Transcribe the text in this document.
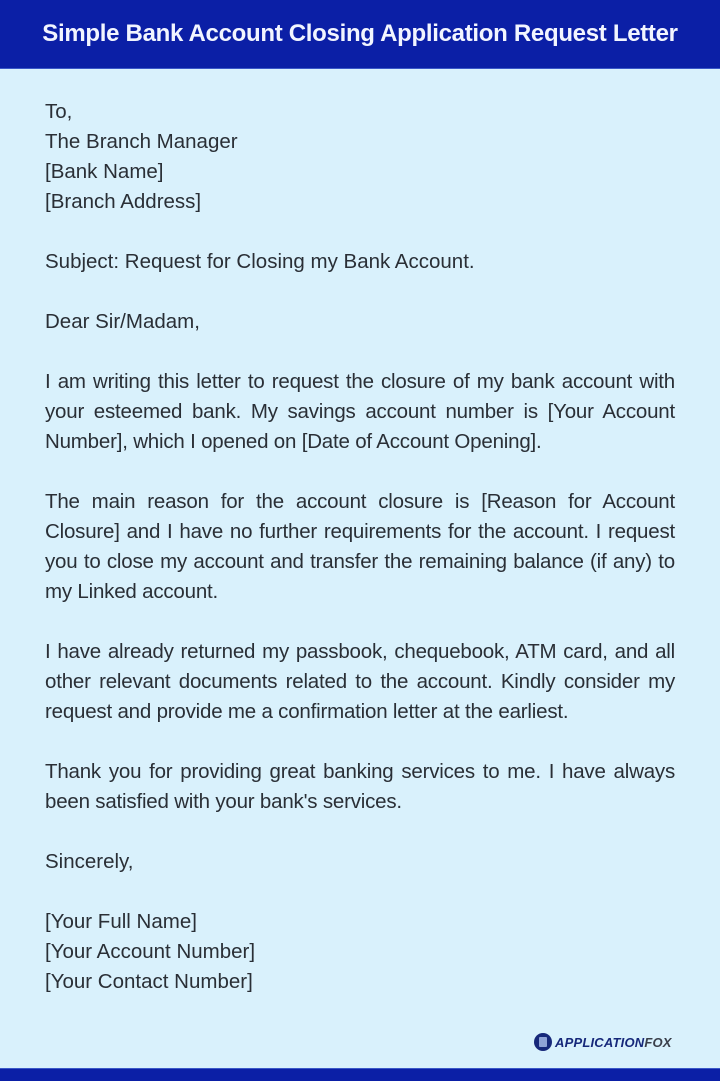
Simple Bank Account Closing Application Request Letter
To,
The Branch Manager
[Bank Name]
[Branch Address]
Subject: Request for Closing my Bank Account.
Dear Sir/Madam,

I am writing this letter to request the closure of my bank account with your esteemed bank. My savings account number is [Your Account Number], which I opened on [Date of Account Opening].

The main reason for the account closure is [Reason for Account Closure] and I have no further requirements for the account. I request you to close my account and transfer the remaining balance (if any) to my Linked account.

I have already returned my passbook, chequebook, ATM card, and all other relevant documents related to the account. Kindly consider my request and provide me a confirmation letter at the earliest.

Thank you for providing great banking services to me. I have always been satisfied with your bank's services.

Sincerely,
[Your Full Name]
[Your Account Number]
[Your Contact Number]
APPLICATIONFOX
